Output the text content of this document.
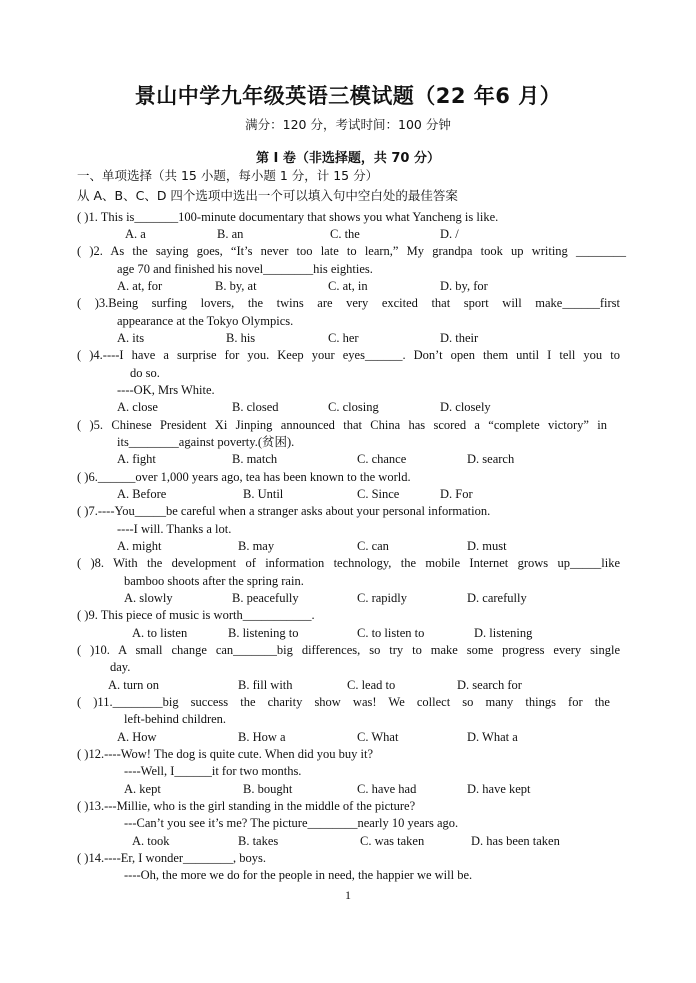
景山中学九年级英语三模试题（22 年6 月）
满分：120 分，考试时间：100 分钟
第 I 卷（非选择题，共 70 分）
一、单项选择（共 15 小题，每小题 1 分，计 15 分）
从 A、B、C、D 四个选项中选出一个可以填入句中空白处的最佳答案
( )1. This is_______100-minute documentary that shows you what Yancheng is like.
A. a	B. an	C. the	D. /
( )2. As the saying goes, “It’s never too late to learn,” My grandpa took up writing ________
age 70 and finished his novel________his eighties.
A. at, for	B. by, at	C. at, in	D. by, for
( )3.Being surfing lovers, the twins are very excited that sport will make______first
appearance at the Tokyo Olympics.
A. its	B. his	C. her	D. their
( )4.----I have a surprise for you. Keep your eyes______. Don’t open them until I tell you to
do so.
----OK, Mrs White.
A. close	B. closed	C. closing	D. closely
( )5. Chinese President Xi Jinping announced that China has scored a “complete victory” in
its________against poverty.(贫困).
A. fight	B. match	C. chance	D. search
( )6.______over 1,000 years ago, tea has been known to the world.
A. Before	B. Until	C. Since	D. For
( )7.----You_____be careful when a stranger asks about your personal information.
----I will. Thanks a lot.
A. might	B. may	C. can	D. must
( )8. With the development of information technology, the mobile Internet grows up_____like
bamboo shoots after the spring rain.
A. slowly	B. peacefully	C. rapidly	D. carefully
( )9. This piece of music is worth___________.
A. to listen	B. listening to	C. to listen to	D. listening
( )10. A small change can_______big differences, so try to make some progress every single
day.
A. turn on	B. fill with	C. lead to	D. search for
( )11.________big success the charity show was! We collect so many things for the
left-behind children.
A. How	B. How a	C. What	D. What a
( )12.----Wow! The dog is quite cute. When did you buy it?
----Well, I______it for two months.
A. kept	B. bought	C. have had	D. have kept
( )13.---Millie, who is the girl standing in the middle of the picture?
---Can’t you see it’s me? The picture________nearly 10 years ago.
A. took	B. takes	C. was taken	D. has been taken
( )14.----Er, I wonder________, boys.
----Oh, the more we do for the people in need, the happier we will be.
1
